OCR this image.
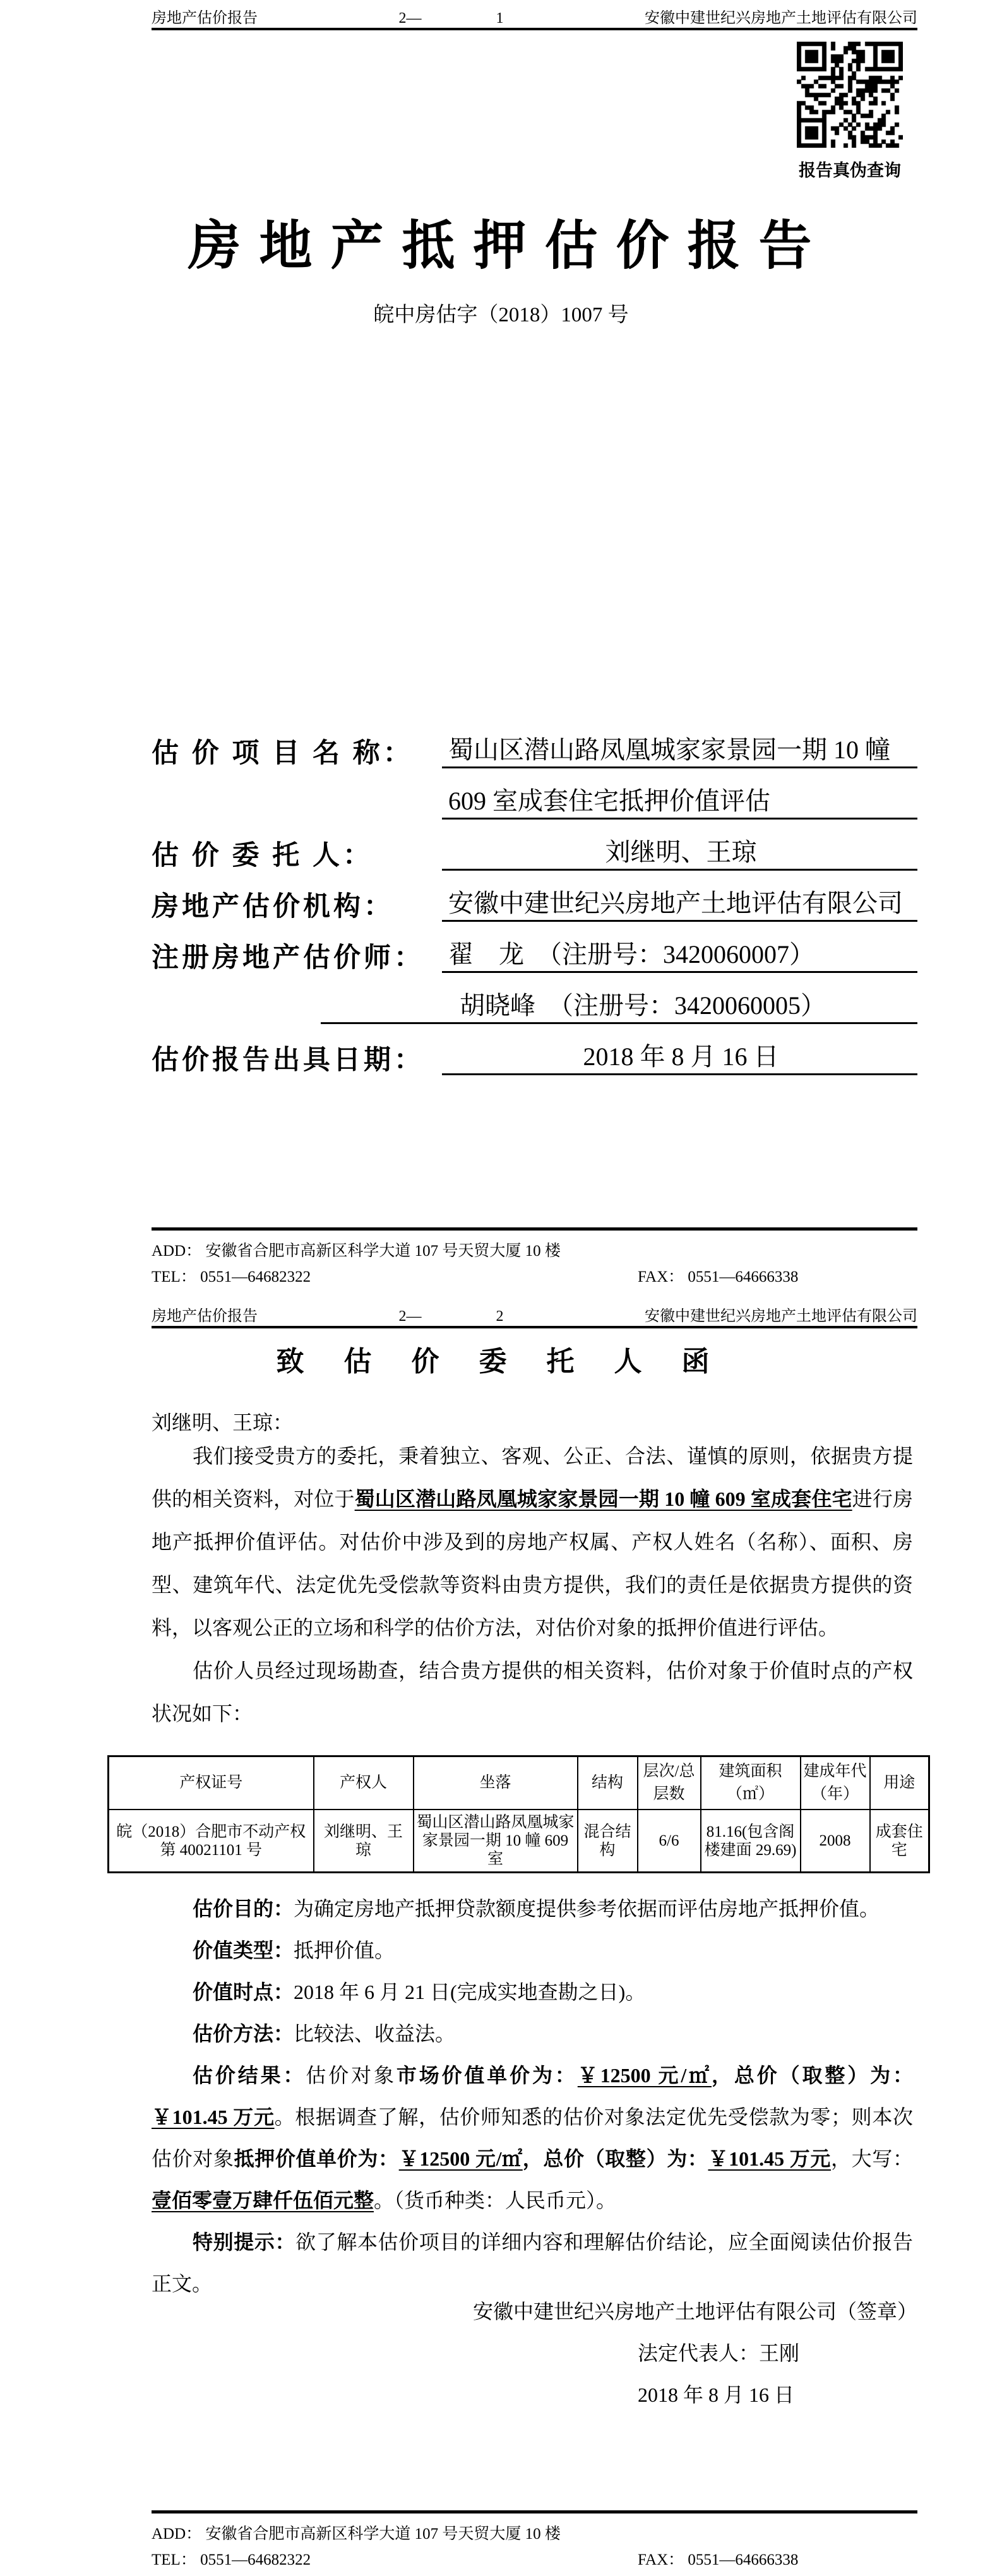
房地产估价报告	2—	1	安徽中建世纪兴房地产土地评估有限公司
报告真伪查询
房 地 产 抵 押 估 价 报 告
皖中房估字（2018）1007 号
估 价 项 目 名 称：	蜀山区潜山路凤凰城家家景园一期 10 幢
609 室成套住宅抵押价值评估
估 价 委 托 人：	刘继明、王琼
房地产估价机构：	安徽中建世纪兴房地产土地评估有限公司
注册房地产估价师： 翟　龙　（注册号：3420060007）
胡晓峰　（注册号：3420060005）
估价报告出具日期：	2018 年 8 月 16 日
ADD： 安徽省合肥市高新区科学大道 107 号天贸大厦 10 楼
TEL： 0551—64682322	FAX： 0551—64666338
房地产估价报告	2—	2	安徽中建世纪兴房地产土地评估有限公司
致 估 价 委 托 人 函
刘继明、王琼：

我们接受贵方的委托，秉着独立、客观、公正、合法、谨慎的原则，依据贵方提供的相关资料，对位于蜀山区潜山路凤凰城家家景园一期 10 幢 609 室成套住宅进行房地产抵押价值评估。对估价中涉及到的房地产权属、产权人姓名（名称）、面积、房型、建筑年代、法定优先受偿款等资料由贵方提供，我们的责任是依据贵方提供的资料，以客观公正的立场和科学的估价方法，对估价对象的抵押价值进行评估。

估价人员经过现场勘查，结合贵方提供的相关资料，估价对象于价值时点的产权状况如下：

产权证号	产权人	坐落	结构	层次/总层数	建筑面积（㎡）	建成年代（年）	用途
皖（2018）合肥市不动产权第 40021101 号	刘继明、王琼	蜀山区潜山路凤凰城家家景园一期 10 幢 609 室	混合结构	6/6	81.16(包含阁楼建面 29.69)	2008	成套住宅

估价目的：为确定房地产抵押贷款额度提供参考依据而评估房地产抵押价值。

价值类型：抵押价值。

价值时点：2018 年 6 月 21 日(完成实地查勘之日)。

估价方法：比较法、收益法。

估价结果：估价对象市场价值单价为：￥12500 元/㎡，总价（取整）为：￥101.45 万元。根据调查了解，估价师知悉的估价对象法定优先受偿款为零；则本次估价对象抵押价值单价为：￥12500 元/㎡，总价（取整）为：￥101.45 万元，大写：壹佰零壹万肆仟伍佰元整。（货币种类：人民币元）。

特别提示：欲了解本估价项目的详细内容和理解估价结论，应全面阅读估价报告正文。

安徽中建世纪兴房地产土地评估有限公司（签章）
法定代表人：王刚
2018 年 8 月 16 日
ADD： 安徽省合肥市高新区科学大道 107 号天贸大厦 10 楼
TEL： 0551—64682322	FAX： 0551—64666338
